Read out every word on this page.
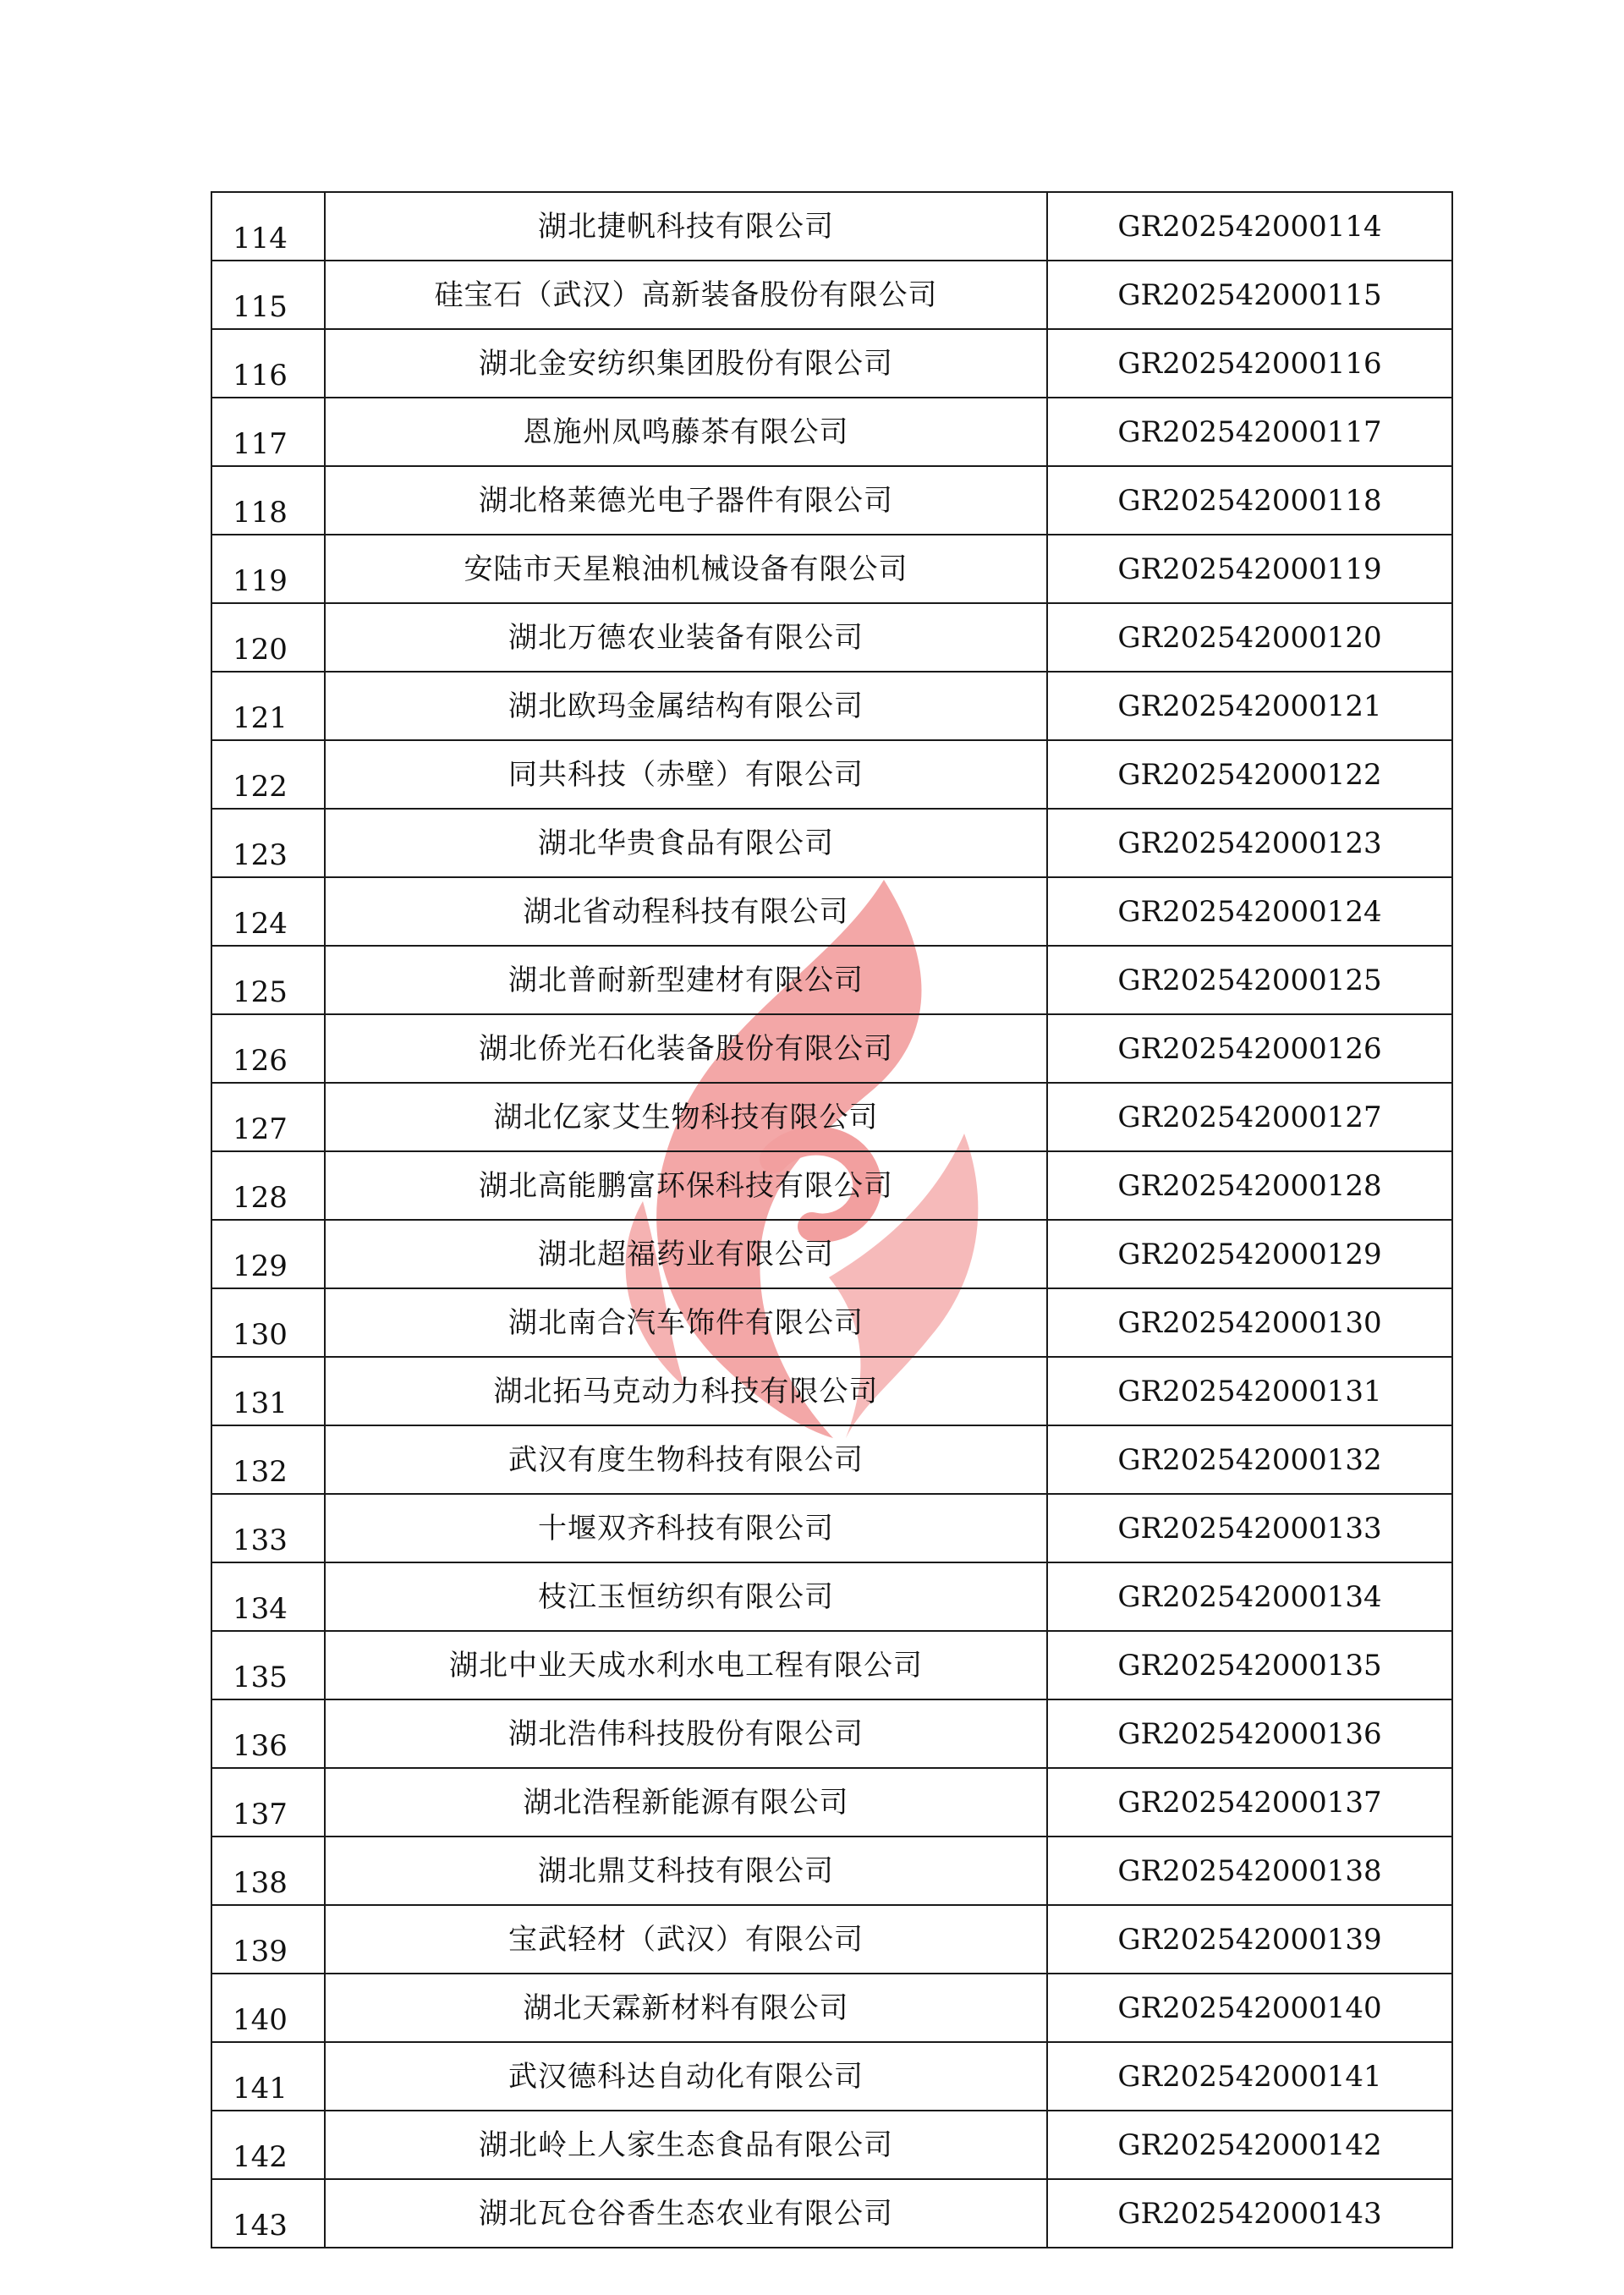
114	湖北捷帆科技有限公司	GR202542000114
115	硅宝石（武汉）高新装备股份有限公司	GR202542000115
116	湖北金安纺织集团股份有限公司	GR202542000116
117	恩施州凤鸣藤茶有限公司	GR202542000117
118	湖北格莱德光电子器件有限公司	GR202542000118
119	安陆市天星粮油机械设备有限公司	GR202542000119
120	湖北万德农业装备有限公司	GR202542000120
121	湖北欧玛金属结构有限公司	GR202542000121
122	同共科技（赤壁）有限公司	GR202542000122
123	湖北华贵食品有限公司	GR202542000123
124	湖北省动程科技有限公司	GR202542000124
125	湖北普耐新型建材有限公司	GR202542000125
126	湖北侨光石化装备股份有限公司	GR202542000126
127	湖北亿家艾生物科技有限公司	GR202542000127
128	湖北高能鹏富环保科技有限公司	GR202542000128
129	湖北超福药业有限公司	GR202542000129
130	湖北南合汽车饰件有限公司	GR202542000130
131	湖北拓马克动力科技有限公司	GR202542000131
132	武汉有度生物科技有限公司	GR202542000132
133	十堰双齐科技有限公司	GR202542000133
134	枝江玉恒纺织有限公司	GR202542000134
135	湖北中业天成水利水电工程有限公司	GR202542000135
136	湖北浩伟科技股份有限公司	GR202542000136
137	湖北浩程新能源有限公司	GR202542000137
138	湖北鼎艾科技有限公司	GR202542000138
139	宝武轻材（武汉）有限公司	GR202542000139
140	湖北天霖新材料有限公司	GR202542000140
141	武汉德科达自动化有限公司	GR202542000141
142	湖北岭上人家生态食品有限公司	GR202542000142
143	湖北瓦仓谷香生态农业有限公司	GR202542000143
